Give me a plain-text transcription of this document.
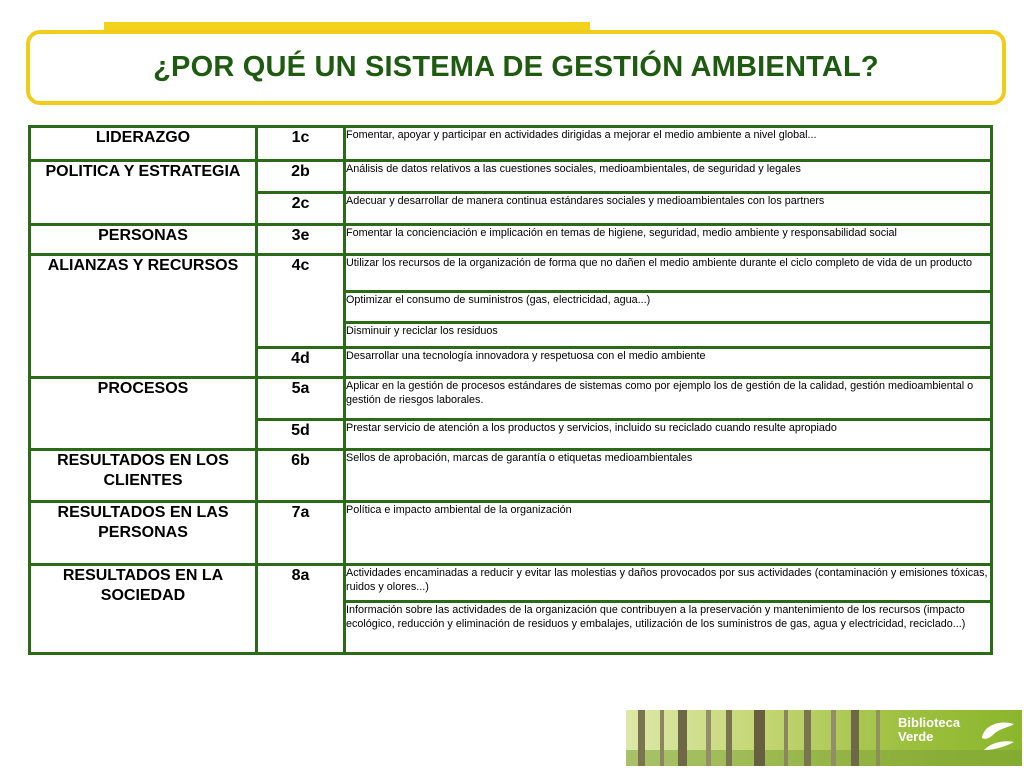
¿POR QUÉ UN SISTEMA DE GESTIÓN AMBIENTAL?
LIDERAZGO	1c	Fomentar, apoyar y participar en actividades dirigidas a mejorar el medio ambiente a nivel global...
POLITICA Y ESTRATEGIA	2b	Análisis de datos relativos a las cuestiones sociales, medioambientales, de seguridad y legales
	2c	Adecuar y desarrollar de manera continua estándares sociales y medioambientales con los partners
PERSONAS	3e	Fomentar la concienciación e implicación en temas de higiene, seguridad, medio ambiente y responsabilidad social
ALIANZAS Y RECURSOS	4c	Utilizar los recursos de la organización de forma que no dañen el medio ambiente durante el ciclo completo de vida de un producto
		Optimizar el consumo de suministros (gas, electricidad, agua...)
		Disminuir y reciclar los residuos
	4d	Desarrollar una tecnología innovadora y respetuosa con el medio ambiente
PROCESOS	5a	Aplicar en la gestión de procesos estándares de sistemas como por ejemplo los de gestión de la calidad, gestión medioambiental o gestión de riesgos laborales.
	5d	Prestar servicio de atención a los productos y servicios, incluido su reciclado cuando resulte apropiado
RESULTADOS EN LOS CLIENTES	6b	Sellos de aprobación, marcas de garantía o etiquetas medioambientales
RESULTADOS EN LAS PERSONAS	7a	Política e impacto ambiental de la organización
RESULTADOS EN LA SOCIEDAD	8a	Actividades encaminadas a reducir y evitar las molestias y daños provocados por sus actividades (contaminación y emisiones tóxicas, ruidos y olores...)
		Información sobre las actividades de la organización que contribuyen a la preservación y mantenimiento de los recursos (impacto ecológico, reducción y eliminación de residuos y embalajes, utilización de los suministros de gas, agua y electricidad, reciclado...)
Biblioteca
Verde
